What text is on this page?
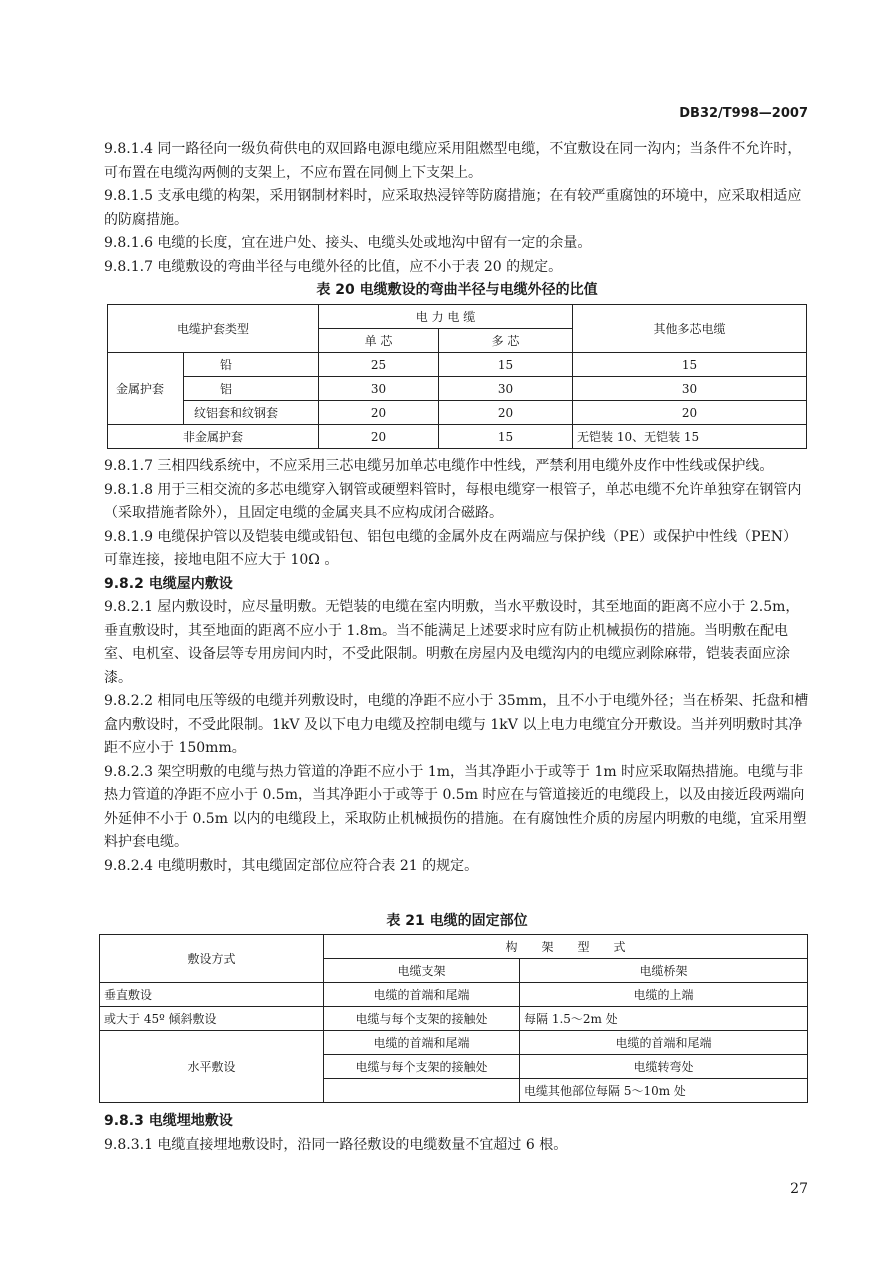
DB32/T998—2007

9.8.1.4 同一路径向一级负荷供电的双回路电源电缆应采用阻燃型电缆，不宜敷设在同一沟内；当条件不允许时，可布置在电缆沟两侧的支架上，不应布置在同侧上下支架上。

9.8.1.5 支承电缆的构架，采用钢制材料时，应采取热浸锌等防腐措施；在有较严重腐蚀的环境中，应采取相适应的防腐措施。

9.8.1.6 电缆的长度，宜在进户处、接头、电缆头处或地沟中留有一定的余量。

9.8.1.7 电缆敷设的弯曲半径与电缆外径的比值，应不小于表 20 的规定。

表 20 电缆敷设的弯曲半径与电缆外径的比值

电缆护套类型		电 力 电 缆		其他多芯电缆
		单 芯	多 芯	
金属护套	铅	25	15	15
	铝	30	30	30
	纹铝套和纹钢套	20	20	20
非金属护套		20	15	无铠装 10、无铠装 15

9.8.1.7 三相四线系统中，不应采用三芯电缆另加单芯电缆作中性线，严禁利用电缆外皮作中性线或保护线。

9.8.1.8 用于三相交流的多芯电缆穿入钢管或硬塑料管时，每根电缆穿一根管子，单芯电缆不允许单独穿在钢管内（采取措施者除外），且固定电缆的金属夹具不应构成闭合磁路。

9.8.1.9 电缆保护管以及铠装电缆或铅包、铝包电缆的金属外皮在两端应与保护线（PE）或保护中性线（PEN）可靠连接，接地电阻不应大于 10Ω 。

9.8.2 电缆屋内敷设

9.8.2.1 屋内敷设时，应尽量明敷。无铠装的电缆在室内明敷，当水平敷设时，其至地面的距离不应小于 2.5m，垂直敷设时，其至地面的距离不应小于 1.8m。当不能满足上述要求时应有防止机械损伤的措施。当明敷在配电室、电机室、设备层等专用房间内时，不受此限制。明敷在房屋内及电缆沟内的电缆应剥除麻带，铠装表面应涂漆。

9.8.2.2 相同电压等级的电缆并列敷设时，电缆的净距不应小于 35mm，且不小于电缆外径；当在桥架、托盘和槽盒内敷设时，不受此限制。1kV 及以下电力电缆及控制电缆与 1kV 以上电力电缆宜分开敷设。当并列明敷时其净距不应小于 150mm。

9.8.2.3 架空明敷的电缆与热力管道的净距不应小于 1m，当其净距小于或等于 1m 时应采取隔热措施。电缆与非热力管道的净距不应小于 0.5m，当其净距小于或等于 0.5m 时应在与管道接近的电缆段上，以及由接近段两端向外延伸不小于 0.5m 以内的电缆段上，采取防止机械损伤的措施。在有腐蚀性介质的房屋内明敷的电缆，宜采用塑料护套电缆。

9.8.2.4 电缆明敷时，其电缆固定部位应符合表 21 的规定。

表 21 电缆的固定部位
敷设方式	构　　架　　型　　式	
	电缆支架	电缆桥架
垂直敷设	电缆的首端和尾端	电缆的上端
或大于 45º 倾斜敷设	电缆与每个支架的接触处	每隔 1.5～2m 处
水平敷设	电缆的首端和尾端	电缆的首端和尾端
	电缆与每个支架的接触处	电缆转弯处
		电缆其他部位每隔 5～10m 处

9.8.3 电缆埋地敷设

9.8.3.1 电缆直接埋地敷设时，沿同一路径敷设的电缆数量不宜超过 6 根。

27
